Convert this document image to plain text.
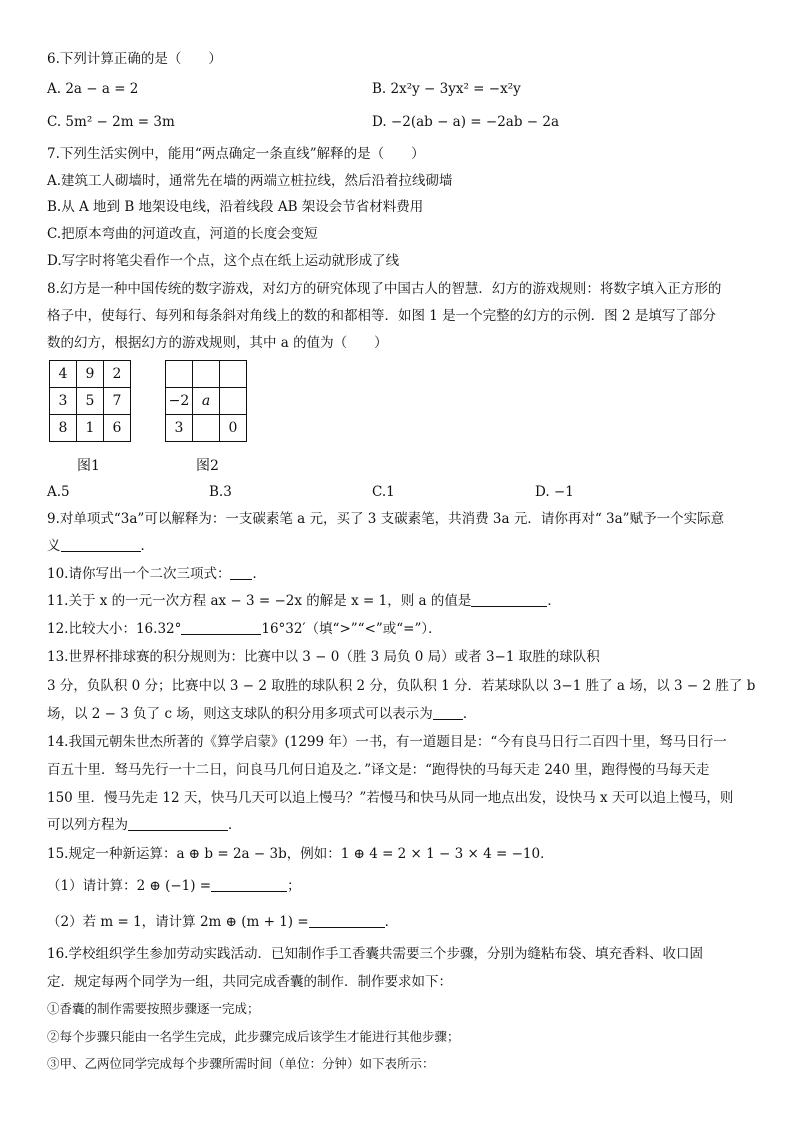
6.下列计算正确的是（　　）
A. 2a − a = 2	B. 2x²y − 3yx² = −x²y
C. 5m² − 2m = 3m	D. −2(ab − a) = −2ab − 2a
7.下列生活实例中，能用“两点确定一条直线”解释的是（　　）
A.建筑工人砌墙时，通常先在墙的两端立桩拉线，然后沿着拉线砌墙
B.从 A 地到 B 地架设电线，沿着线段 AB 架设会节省材料费用
C.把原本弯曲的河道改直，河道的长度会变短
D.写字时将笔尖看作一个点，这个点在纸上运动就形成了线
8.幻方是一种中国传统的数字游戏，对幻方的研究体现了中国古人的智慧．幻方的游戏规则：将数字填入正方形的
格子中，使每行、每列和每条斜对角线上的数的和都相等．如图 1 是一个完整的幻方的示例．图 2 是填写了部分
数的幻方，根据幻方的游戏规则，其中 a 的值为（　　）
4	9	2
3	5	7
8	1	6

−2	a	
3		0
图1	图2
A.5	B.3	C.1	D. −1
9.对单项式“3a”可以解释为：一支碳素笔 a 元，买了 3 支碳素笔，共消费 3a 元．请你再对“ 3a”赋予一个实际意
义	．
10.请你写出一个二次三项式： ．
11.关于 x 的一元一次方程 ax − 3 = −2x 的解是 x = 1，则 a 的值是	．
12.比较大小：16.32°	16°32′（填“>”“<”或“=”）．
13.世界杯排球赛的积分规则为：比赛中以 3 − 0（胜 3 局负 0 局）或者 3−1 取胜的球队积
3 分，负队积 0 分；比赛中以 3 − 2 取胜的球队积 2 分，负队积 1 分．若某球队以 3−1 胜了 a 场，以 3 − 2 胜了 b
场，以 2 − 3 负了 c 场，则这支球队的积分用多项式可以表示为 ．
14.我国元朝朱世杰所著的《算学启蒙》(1299 年）一书，有一道题目是：“今有良马日行二百四十里，驽马日行一
百五十里．驽马先行一十二日，问良马几何日追及之．”译文是：“跑得快的马每天走 240 里，跑得慢的马每天走
150 里．慢马先走 12 天，快马几天可以追上慢马？”若慢马和快马从同一地点出发，设快马 x 天可以追上慢马，则
可以列方程为	．
15.规定一种新运算：a ⊕ b = 2a − 3b，例如：1 ⊕ 4 = 2 × 1 − 3 × 4 = −10．
（1）请计算：2 ⊕ (−1) =	；
（2）若 m = 1，请计算 2m ⊕ (m + 1) =	．
16.学校组织学生参加劳动实践活动．已知制作手工香囊共需要三个步骤，分别为缝粘布袋、填充香料、收口固
定．规定每两个同学为一组，共同完成香囊的制作．制作要求如下：
①香囊的制作需要按照步骤逐一完成；
②每个步骤只能由一名学生完成，此步骤完成后该学生才能进行其他步骤；
③甲、乙两位同学完成每个步骤所需时间（单位：分钟）如下表所示：
